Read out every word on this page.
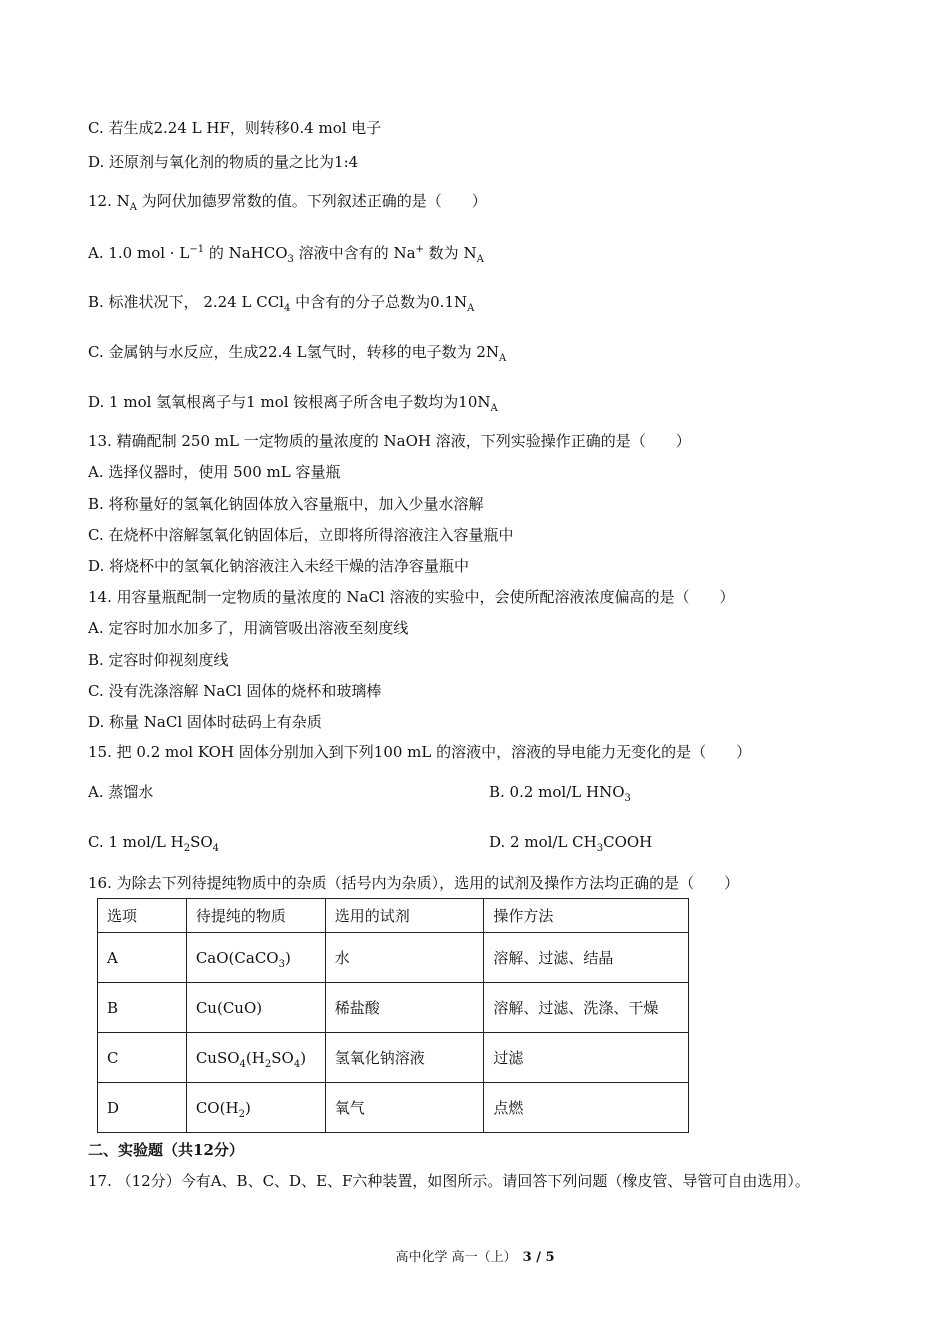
C. 若生成2.24 L HF，则转移0.4 mol 电子
D. 还原剂与氧化剂的物质的量之比为1:4
12. $N_A$ 为阿伏加德罗常数的值。下列叙述正确的是（　　）
A. 1.0 mol · $L^{-1}$ 的 NaHCO$_3$ 溶液中含有的 Na+ 数为 $N_A$
B. 标准状况下， 2.24 L CCl$_4$ 中含有的分子总数为$0.1N_A$
C. 金属钠与水反应，生成22.4 L氢气时，转移的电子数为 $2N_A$
D. 1 mol 氢氧根离子与1 mol 铵根离子所含电子数均为$10N_A$
13. 精确配制 250 mL 一定物质的量浓度的 NaOH 溶液，下列实验操作正确的是（　　）
A. 选择仪器时，使用 500 mL 容量瓶
B. 将称量好的氢氧化钠固体放入容量瓶中，加入少量水溶解
C. 在烧杯中溶解氢氧化钠固体后，立即将所得溶液注入容量瓶中
D. 将烧杯中的氢氧化钠溶液注入未经干燥的洁净容量瓶中
14. 用容量瓶配制一定物质的量浓度的 NaCl 溶液的实验中，会使所配溶液浓度偏高的是（　　）
A. 定容时加水加多了，用滴管吸出溶液至刻度线
B. 定容时仰视刻度线
C. 没有洗涤溶解 NaCl 固体的烧杯和玻璃棒
D. 称量 NaCl 固体时砝码上有杂质
15. 把 0.2 mol KOH 固体分别加入到下列100 mL 的溶液中，溶液的导电能力无变化的是（　　）
A. 蒸馏水	B. 0.2 mol/L $HNO_3$
C. 1 mol/L $H_2SO_4$	D. 2 mol/L $CH_3COOH$
16. 为除去下列待提纯物质中的杂质（括号内为杂质），选用的试剂及操作方法均正确的是（　　）
选项	待提纯的物质	选用的试剂	操作方法
A	CaO(CaCO$_3$)	水	溶解、过滤、结晶
B	Cu(CuO)	稀盐酸	溶解、过滤、洗涤、干燥
C	$CuSO_4(H_2SO_4)$	氢氧化钠溶液	过滤
D	$CO(H_2)$	氧气	点燃
二、实验题（共12分）
17. （12分）今有A、B、C、D、E、F六种装置，如图所示。请回答下列问题（橡皮管、导管可自由选用）。
高中化学 高一（上） 3 / 5
